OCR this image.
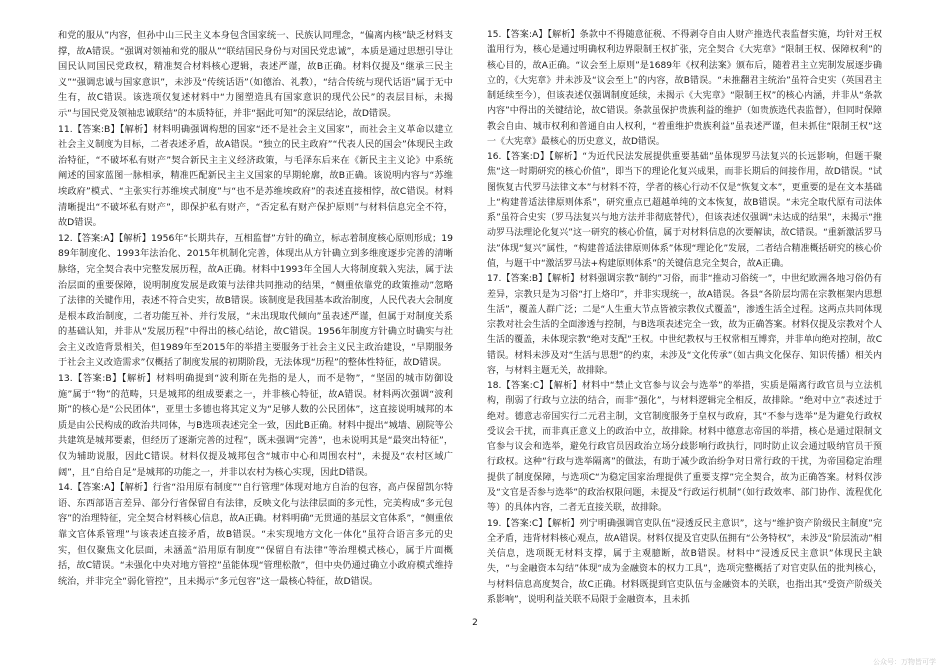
和党的服从”内容，但孙中山三民主义本身包含国家统一、民族认同理念，“偏离内核”缺乏材料支撑，故A错误。“强调对领袖和党的服从”“联结国民身份与对国民党忠诚”，本质是通过思想引导让国民认同国民党政权，精准契合材料核心逻辑，表述严谨，故B正确。材料仅提及“继承三民主义”“强调忠诚与国家意识”，未涉及“传统话语”（如德治、礼教），“结合传统与现代话语”属于无中生有，故C错误。该选项仅复述材料中“力图塑造具有国家意识的现代公民”的表层目标，未揭示“与国民党及领袖忠诚联结”的本质特征，并非“据此可知”的深层结论，故D错误。

11.【答案:B】【解析】材料明确强调构想的国家“还不是社会主义国家”，而社会主义革命以建立社会主义制度为目标，二者表述矛盾，故A错误。“独立的民主政府”“代表人民的国会”体现民主政治特征，“不破坏私有财产”契合新民主主义经济政策，与毛泽东后来在《新民主主义论》中系统阐述的国家蓝图一脉相承，精准匹配新民主主义国家的早期轮廓，故B正确。该说明内容与“苏维埃政府”模式、“主张实行苏维埃式制度”与“也不是苏维埃政府”的表述直接相悖，故C错误。材料清晰提出“不破坏私有财产”，即保护私有财产，“否定私有财产保护原则”与材料信息完全不符，故D错误。

12.【答案:A】【解析】1956年“长期共存，互相监督”方针的确立，标志着制度核心原则形成；1989年制度化、1993年法治化、2015年机制化完善，体现出从方针确立到多维度逐步完善的清晰脉络，完全契合表中完整发展历程，故A正确。材料中1993年全国人大将制度载入宪法，属于法治层面的重要保障，说明制度发展是政策与法律共同推动的结果，“侧重依靠党的政策推动”忽略了法律的关键作用，表述不符合史实，故B错误。该制度是我国基本政治制度，人民代表大会制度是根本政治制度，二者功能互补、并行发展，“未出现取代倾向”虽表述严谨，但属于对制度关系的基础认知，并非从“发展历程”中得出的核心结论，故C错误。1956年制度方针确立时确实与社会主义改造背景相关，但1989年至2015年的举措主要服务于社会主义民主政治建设，“早期服务于社会主义改造需求”仅概括了制度发展的初期阶段，无法体现“历程”的整体性特征，故D错误。

13.【答案:B】【解析】材料明确提到“波利斯在先指的是人，而不是物”，“坚固的城市防御设施”属于“物”的范畴，只是城邦的组成要素之一，并非核心特征，故A错误。材料两次强调“波利斯”的核心是“公民团体”，亚里士多德也将其定义为“足够人数的公民团体”，这直接说明城邦的本质是由公民构成的政治共同体，与B选项表述完全一致，因此B正确。材料中提出“城墙、剧院等公共建筑是城邦要素，但经历了逐渐完善的过程”，既未强调“完善”，也未说明其是“最突出特征”，仅为辅助说服，因此C错误。材料仅提及城邦包含“城市中心和周围农村”，未提及“农村区域广阔”，且“自给自足”是城邦的功能之一，并非以农村为核心实现，因此D错误。

14.【答案:A】【解析】行省“沿用原有制度”“自行管理”体现对地方自治的包容，高卢保留凯尔特语、东西部语言差异、部分行省保留自有法律，反映文化与法律层面的多元性，完美构成“多元包容”的治理特征，完全契合材料核心信息，故A正确。材料明确“无贯通的基层文官体系”，“侧重依靠文官体系管理”与该表述直接矛盾，故B错误。“未实现地方文化一体化”虽符合语言多元的史实，但仅聚焦文化层面，未涵盖“沿用原有制度”“保留自有法律”等治理模式核心，属于片面概括，故C错误。“未强化中央对地方管控”虽能体现“管理松散”，但中央仍通过确立小政府模式维持统治，并非完全“弱化管控”，且未揭示“多元包容”这一最核心特征，故D错误。

15.【答案:A】【解析】条款中不得随意征税、不得剥夺自由人财产推选代表监督实施，均针对王权滥用行为，核心是通过明确权利边界限制王权扩张，完全契合《大宪章》“限制王权、保障权利”的核心目的，故A正确。“议会至上原则”是1689年《权利法案》颁布后，随着君主立宪制发展逐步确立的，《大宪章》并未涉及“议会至上”的内容，故B错误。“未推翻君主统治”虽符合史实（英国君主制延续至今），但该表述仅强调制度延续，未揭示《大宪章》“限制王权”的核心内涵，并非从“条款内容”中得出的关键结论，故C错误。条款虽保护贵族利益的维护（如贵族选代表监督），但同时保障教会自由、城市权利和普通自由人权利，“着重维护贵族利益”虽表述严谨，但未抓住“限制王权”这一《大宪章》最核心的历史意义，故D错误。

16.【答案:D】【解析】“为近代民法发展提供重要基础”虽体现罗马法复兴的长远影响，但题干聚焦“这一时期研究的核心价值”，即当下的理论化复兴成果，而非长期后的间接作用，故D错误。“试图恢复古代罗马法律文本”与材料不符，学者的核心行动不仅是“恢复文本”，更重要的是在文本基础上“构建普适法律原则体系”，研究重点已超越单纯的文本恢复，故B错误。“未完全取代原有司法体系”虽符合史实（罗马法复兴与地方法并非彻底替代），但该表述仅强调“未达成的结果”，未揭示“推动罗马法理论化复兴”这一研究的核心价值，属于对材料信息的次要解读，故C错误。“重新激活罗马法”体现“复兴”属性，“构建普适法律原则体系”体现“理论化”发展，二者结合精准概括研究的核心价值，与题干中“激活罗马法+构建原则体系”的关键信息完全契合，故A正确。

17.【答案:B】【解析】材料强调宗教“制约”习俗，而非“推动习俗统一”，中世纪欧洲各地习俗仍有差异，宗教只是为习俗“打上烙印”，并非实现统一，故A错误。各县“各阶层均需在宗教框架内思想生活”，覆盖人群广泛；二是“人生重大节点皆被宗教仪式覆盖”，渗透生活全过程。这两点共同体现宗教对社会生活的全面渗透与控制，与B选项表述完全一致，故为正确答案。材料仅提及宗教对个人生活的覆盖，未体现宗教“绝对支配”王权。中世纪教权与王权常相互博弈，并非单向绝对控制，故C错误。材料未涉及对“生活与思想”的约束，未涉及“文化传承”（如古典文化保存、知识传播）相关内容，与材料主题无关，故排除。

18.【答案:C】【解析】材料中“禁止文官参与议会与选举”的举措，实质是隔离行政官员与立法机构，削弱了行政与立法的结合，而非“强化”，与材料逻辑完全相反，故排除。“绝对中立”表述过于绝对。德意志帝国实行二元君主制，文官制度服务于皇权与政府，其“不参与选举”是为避免行政权受议会干扰，而非真正意义上的政治中立，故排除。材料中德意志帝国的举措，核心是通过限制文官参与议会和选举，避免行政官员因政治立场分歧影响行政执行，同时防止议会通过吸纳官员干预行政权。这种“行政与选举隔离”的做法，有助于减少政治纷争对日常行政的干扰，为帝国稳定治理提供了制度保障，与选项C“为稳定国家治理提供了重要支撑”完全契合，故为正确答案。材料仅涉及“文官是否参与选举”的政治权限问题，未提及“行政运行机制”（如行政效率、部门协作、流程优化等）的具体内容，二者无直接关联，故排除。

19.【答案:C】【解析】列宁明确强调官吏队伍“浸透反民主意识”，这与“维护资产阶级民主制度”完全矛盾，违背材料核心观点，故A错误。材料仅提及官吏队伍拥有“公务特权”，未涉及“阶层流动”相关信息，选项既无材料支撑，属于主观臆断，故B错误。材料中“浸透反民主意识”体现民主缺失，“与金融资本勾结”体现“成为金融资本的权力工具”，选项完整概括了对官吏队伍的批判核心，与材料信息高度契合，故C正确。材料既提到官吏队伍与金融资本的关联，也指出其“受资产阶级关系影响”，说明利益关联不局限于金融资本，且未抓

2
公众号：万物皆可学
